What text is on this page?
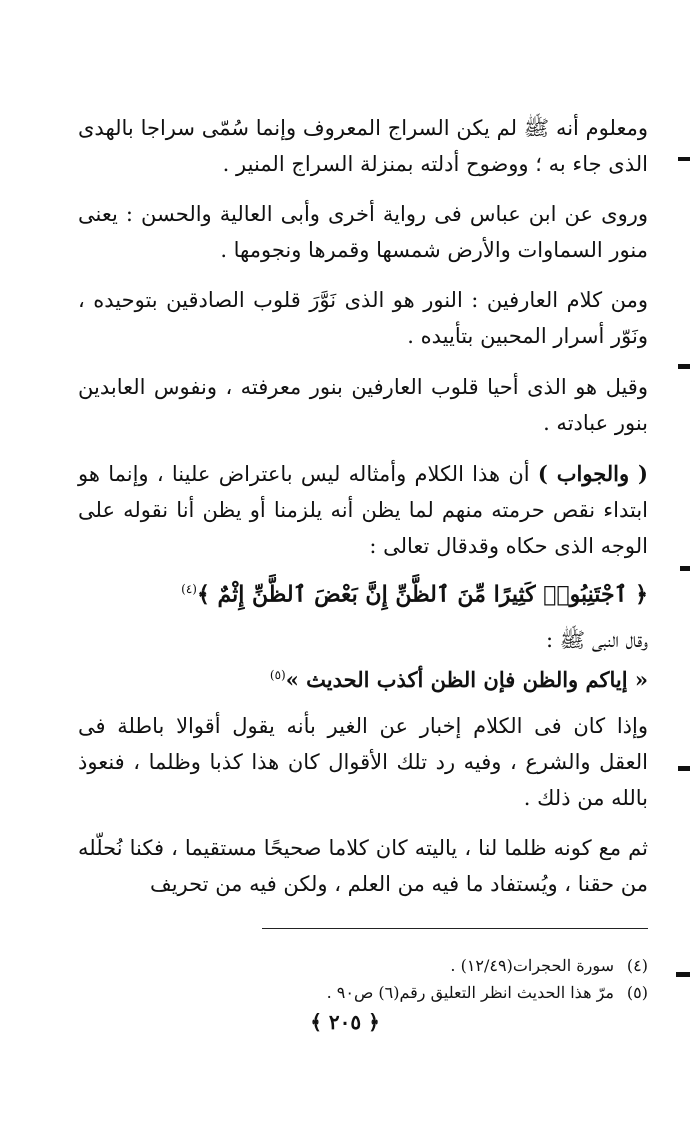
ومعلوم أنه ﷺ لم يكن السراج المعروف وإنما سُمّى سراجا بالهدى الذى جاء به ؛ ووضوح أدلته بمنزلة السراج المنير .

وروى عن ابن عباس فى رواية أخرى وأبى العالية والحسن : يعنى منور السماوات والأرض شمسها وقمرها ونجومها .

ومن كلام العارفين : النور هو الذى نَوَّرَ قلوب الصادقين بتوحيده ، ونَوّر أسرار المحبين بتأييده .

وقيل هو الذى أحيا قلوب العارفين بنور معرفته ، ونفوس العابدين بنور عبادته .

( والجواب ) أن هذا الكلام وأمثاله ليس باعتراض علينا ، وإنما هو ابتداء نقص حرمته منهم لما يظن أنه يلزمنا أو يظن أنا نقوله على الوجه الذى حكاه وقدقال تعالى :

﴿ ٱجْتَنِبُوا۟ كَثِيرًا مِّنَ ٱلظَّنِّ إِنَّ بَعْضَ ٱلظَّنِّ إِثْمٌ ﴾$^{(٤)}$
وقال النبى ﷺ :
« إياكم والظن فإن الظن أكذب الحديث »$^{(٥)}$

وإذا كان فى الكلام إخبار عن الغير بأنه يقول أقوالا باطلة فى العقل والشرع ، وفيه رد تلك الأقوال كان هذا كذبا وظلما ، فنعوذ بالله من ذلك .

ثم مع كونه ظلما لنا ، ياليته كان كلاما صحيحًا مستقيما ، فكنا نُحلّله من حقنا ، ويُستفاد ما فيه من العلم ، ولكن فيه من تحريف

(٤)سورة الحجرات(١٢/٤٩) .
(٥)مرّ هذا الحديث انظر التعليق رقم(٦) ص٩٠ .
﴿ ٢٠٥ ﴾
